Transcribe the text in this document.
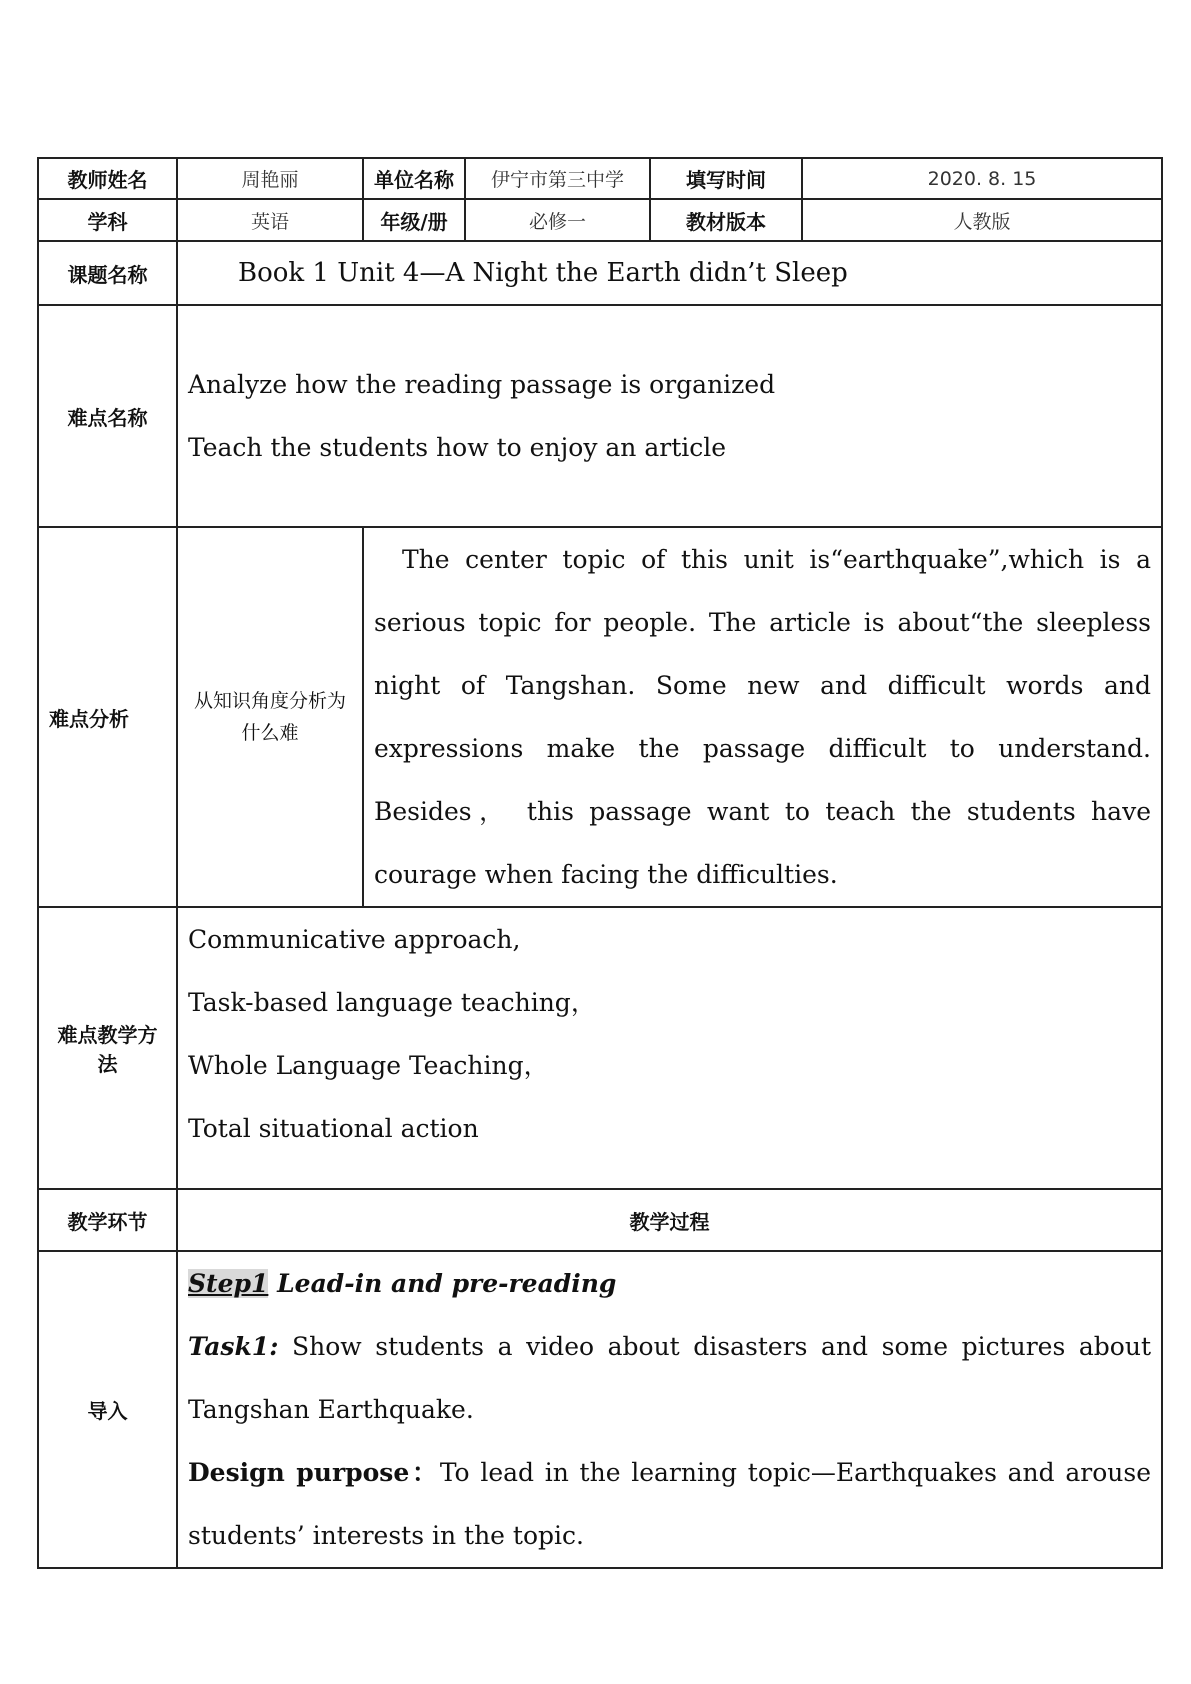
教师姓名	周艳丽	单位名称	伊宁市第三中学	填写时间	2020. 8. 15
学科	英语	年级/册	必修一	教材版本	人教版
课题名称	Book 1 Unit 4—A Night the Earth didn’t Sleep				
难点名称	Analyze how the reading passage is organized
Teach the students how to enjoy an article				

难点分析	从知识角度分析为什么难	The center topic of this unit is“earthquake”,which is a serious topic for people. The article is about“the sleepless night of Tangshan. Some new and difficult words and expressions make the passage difficult to understand. Besides， this passage want to teach the students have courage when facing the difficulties.			
难点教学方法	Communicative approach,
Task-based language teaching，
Whole Language Teaching，
Total situational action				

教学环节	教学过程				
导入	Step1 Lead-in and pre-reading
Task1: Show students a video about disasters and some pictures about Tangshan Earthquake.
Design purpose：To lead in the learning topic—Earthquakes and arouse students’ interests in the topic.				
